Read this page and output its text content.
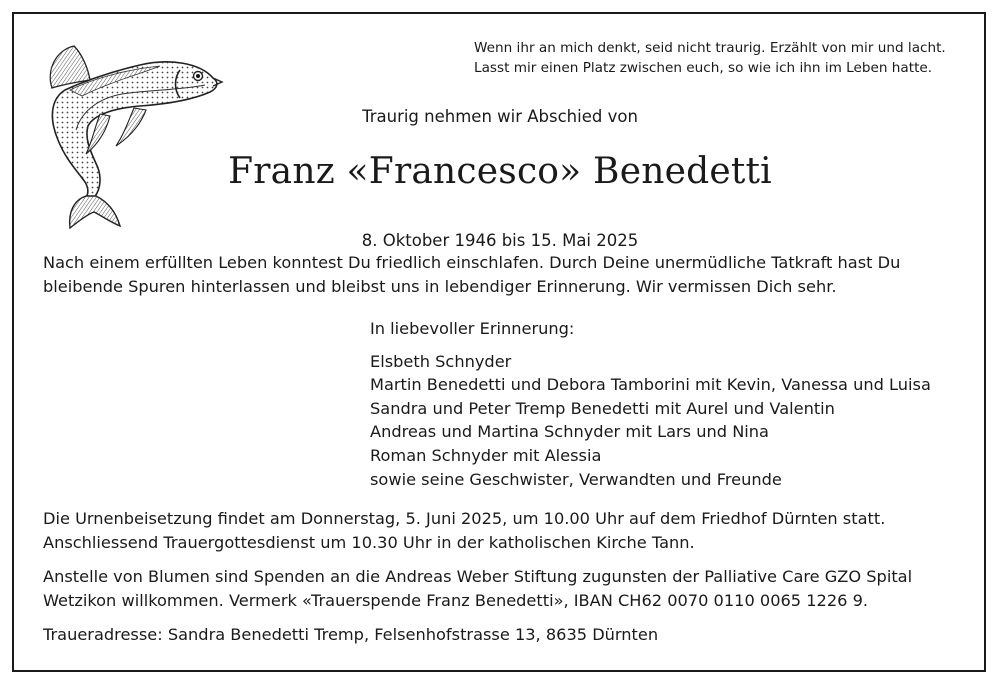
Wenn ihr an mich denkt, seid nicht traurig. Erzählt von mir und lacht.
Lasst mir einen Platz zwischen euch, so wie ich ihn im Leben hatte.
Traurig nehmen wir Abschied von
Franz «Francesco» Benedetti
8. Oktober 1946 bis 15. Mai 2025
Nach einem erfüllten Leben konntest Du friedlich einschlafen. Durch Deine unermüdliche Tatkraft hast Du
bleibende Spuren hinterlassen und bleibst uns in lebendiger Erinnerung. Wir vermissen Dich sehr.
In liebevoller Erinnerung:
Elsbeth Schnyder
Martin Benedetti und Debora Tamborini mit Kevin, Vanessa und Luisa
Sandra und Peter Tremp Benedetti mit Aurel und Valentin
Andreas und Martina Schnyder mit Lars und Nina
Roman Schnyder mit Alessia
sowie seine Geschwister, Verwandten und Freunde
Die Urnenbeisetzung findet am Donnerstag, 5. Juni 2025, um 10.00 Uhr auf dem Friedhof Dürnten statt.
Anschliessend Trauergottesdienst um 10.30 Uhr in der katholischen Kirche Tann.
Anstelle von Blumen sind Spenden an die Andreas Weber Stiftung zugunsten der Palliative Care GZO Spital
Wetzikon willkommen. Vermerk «Trauerspende Franz Benedetti», IBAN CH62 0070 0110 0065 1226 9.
Traueradresse: Sandra Benedetti Tremp, Felsenhofstrasse 13, 8635 Dürnten
